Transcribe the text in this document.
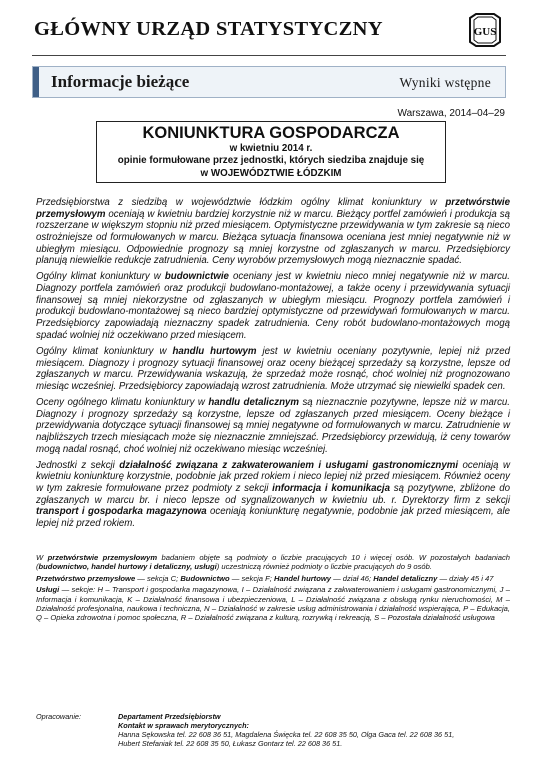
GŁÓWNY URZĄD STATYSTYCZNY	GUS
Informacje bieżące	Wyniki wstępne
Warszawa, 2014–04–29
KONIUNKTURA GOSPODARCZA
w kwietniu 2014 r.
opinie formułowane przez jednostki, których siedziba znajduje się
w WOJEWÓDZTWIE ŁÓDZKIM

Przedsiębiorstwa z siedzibą w województwie łódzkim ogólny klimat koniunktury w przetwórstwie przemysłowym oceniają w kwietniu bardziej korzystnie niż w marcu. Bieżący portfel zamówień i produkcja są rozszerzane w większym stopniu niż przed miesiącem. Optymistyczne przewidywania w tym zakresie są nieco ostrożniejsze od formułowanych w marcu. Bieżąca sytuacja finansowa oceniana jest mniej negatywnie niż w ubiegłym miesiącu. Odpowiednie prognozy są mniej korzystne od zgłaszanych w marcu. Przedsiębiorcy planują niewielkie redukcje zatrudnienia. Ceny wyrobów przemysłowych mogą nieznacznie spadać.

Ogólny klimat koniunktury w budownictwie oceniany jest w kwietniu nieco mniej negatywnie niż w marcu. Diagnozy portfela zamówień oraz produkcji budowlano-montażowej, a także oceny i przewidywania sytuacji finansowej są mniej niekorzystne od zgłaszanych w ubiegłym miesiącu. Prognozy portfela zamówień i produkcji budowlano-montażowej są nieco bardziej optymistyczne od przewidywań formułowanych w marcu. Przedsiębiorcy zapowiadają nieznaczny spadek zatrudnienia. Ceny robót budowlano-montażowych mogą spadać wolniej niż oczekiwano przed miesiącem.

Ogólny klimat koniunktury w handlu hurtowym jest w kwietniu oceniany pozytywnie, lepiej niż przed miesiącem. Diagnozy i prognozy sytuacji finansowej oraz oceny bieżącej sprzedaży są korzystne, lepsze od zgłaszanych w marcu. Przewidywania wskazują, że sprzedaż może rosnąć, choć wolniej niż prognozowano miesiąc wcześniej. Przedsiębiorcy zapowiadają wzrost zatrudnienia. Może utrzymać się niewielki spadek cen.

Oceny ogólnego klimatu koniunktury w handlu detalicznym są nieznacznie pozytywne, lepsze niż w marcu. Diagnozy i prognozy sprzedaży są korzystne, lepsze od zgłaszanych przed miesiącem. Oceny bieżące i przewidywania dotyczące sytuacji finansowej są mniej negatywne od formułowanych w marcu. Zatrudnienie w najbliższych trzech miesiącach może się nieznacznie zmniejszać. Przedsiębiorcy przewidują, iż ceny towarów mogą nadal rosnąć, choć wolniej niż oczekiwano miesiąc wcześniej.

Jednostki z sekcji działalność związana z zakwaterowaniem i usługami gastronomicznymi oceniają w kwietniu koniunkturę korzystnie, podobnie jak przed rokiem i nieco lepiej niż przed miesiącem. Również oceny w tym zakresie formułowane przez podmioty z sekcji informacja i komunikacja są pozytywne, zbliżone do zgłaszanych w marcu br. i nieco lepsze od sygnalizowanych w kwietniu ub. r. Dyrektorzy firm z sekcji transport i gospodarka magazynowa oceniają koniunkturę negatywnie, podobnie jak przed miesiącem, ale lepiej niż przed rokiem.

W przetwórstwie przemysłowym badaniem objęte są podmioty o liczbie pracujących 10 i więcej osób. W pozostałych badaniach (budownictwo, handel hurtowy i detaliczny, usługi) uczestniczą również podmioty o liczbie pracujących do 9 osób.

Przetwórstwo przemysłowe — sekcja C; Budownictwo — sekcja F; Handel hurtowy — dział 46; Handel detaliczny — działy 45 i 47

Usługi — sekcje: H – Transport i gospodarka magazynowa, I – Działalność związana z zakwaterowaniem i usługami gastronomicznymi, J – Informacja i komunikacja, K – Działalność finansowa i ubezpieczeniowa, L – Działalność związana z obsługą rynku nieruchomości, M – Działalność profesjonalna, naukowa i techniczna, N – Działalność w zakresie usług administrowania i działalność wspierająca, P – Edukacja, Q – Opieka zdrowotna i pomoc społeczna, R – Działalność związana z kulturą, rozrywką i rekreacją, S – Pozostała działalność usługowa

Opracowanie:	Departament Przedsiębiorstw
Kontakt w sprawach merytorycznych:
Hanna Sękowska tel. 22 608 36 51, Magdalena Święcka tel. 22 608 35 50, Olga Gaca tel. 22 608 36 51,
Hubert Stefaniak tel. 22 608 35 50, Łukasz Gontarz tel. 22 608 36 51.
